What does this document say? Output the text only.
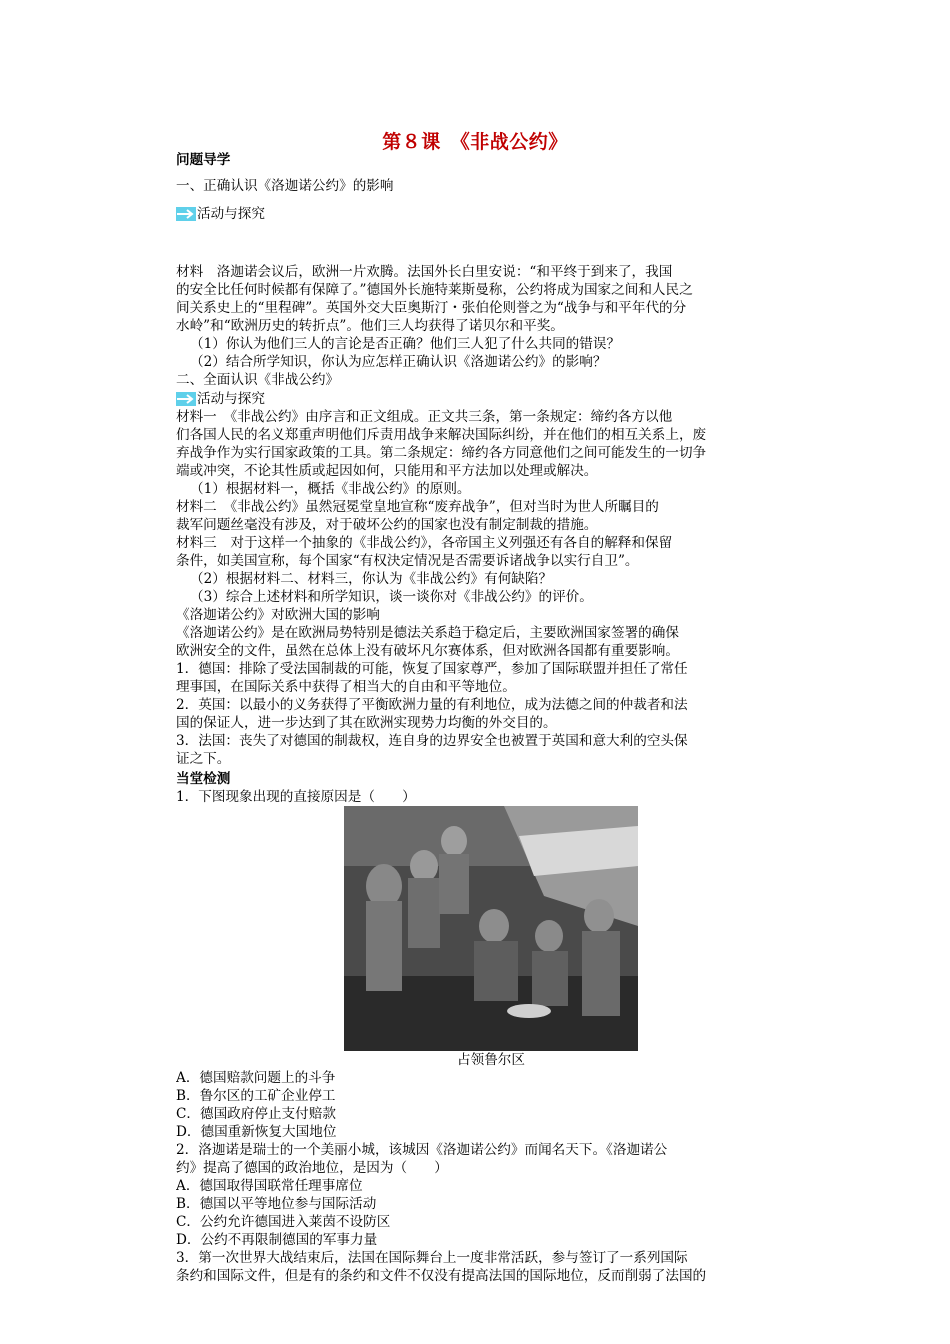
第８课　《非战公约》
问题导学
一、正确认识《洛迦诺公约》的影响
活动与探究
材料　洛迦诺会议后，欧洲一片欢腾。法国外长白里安说：“和平终于到来了，我国
的安全比任何时候都有保障了。”德国外长施特莱斯曼称，公约将成为国家之间和人民之
间关系史上的“里程碑”。英国外交大臣奥斯汀・张伯伦则誉之为“战争与和平年代的分
水岭”和“欧洲历史的转折点”。他们三人均获得了诺贝尔和平奖。
（1）你认为他们三人的言论是否正确？他们三人犯了什么共同的错误？
（2）结合所学知识，你认为应怎样正确认识《洛迦诺公约》的影响？
二、全面认识《非战公约》
活动与探究
材料一　《非战公约》由序言和正文组成。正文共三条，第一条规定：缔约各方以他
们各国人民的名义郑重声明他们斥责用战争来解决国际纠纷，并在他们的相互关系上，废
弃战争作为实行国家政策的工具。第二条规定：缔约各方同意他们之间可能发生的一切争
端或冲突，不论其性质或起因如何，只能用和平方法加以处理或解决。
（1）根据材料一，概括《非战公约》的原则。
材料二　《非战公约》虽然冠冕堂皇地宣称“废弃战争”，但对当时为世人所瞩目的
裁军问题丝毫没有涉及，对于破坏公约的国家也没有制定制裁的措施。
材料三　对于这样一个抽象的《非战公约》，各帝国主义列强还有各自的解释和保留
条件，如美国宣称，每个国家“有权決定情况是否需要诉诸战争以实行自卫”。
（2）根据材料二、材料三，你认为《非战公约》有何缺陷？
（3）综合上述材料和所学知识，谈一谈你对《非战公约》的评价。
《洛迦诺公约》对欧洲大国的影响
《洛迦诺公约》是在欧洲局势特别是德法关系趋于稳定后，主要欧洲国家签署的确保
欧洲安全的文件，虽然在总体上没有破坏凡尔赛体系，但对欧洲各国都有重要影响。
1．德国：排除了受法国制裁的可能，恢复了国家尊严，参加了国际联盟并担任了常任
理事国，在国际关系中获得了相当大的自由和平等地位。
2．英国：以最小的义务获得了平衡欧洲力量的有利地位，成为法德之间的仲裁者和法
国的保证人，进一步达到了其在欧洲实现势力均衡的外交目的。
3．法国：丧失了对德国的制裁权，连自身的边界安全也被置于英国和意大利的空头保
证之下。
当堂检测
1．下图现象出现的直接原因是（　　）
占领鲁尔区
A．德国赔款问题上的斗争
B．鲁尔区的工矿企业停工
C．德国政府停止支付赔款
D．德国重新恢复大国地位
2．洛迦诺是瑞士的一个美丽小城，该城因《洛迦诺公约》而闻名天下。《洛迦诺公
约》提高了德国的政治地位，是因为（　　）
A．德国取得国联常任理事席位
B．德国以平等地位参与国际活动
C．公约允许德国进入莱茵不设防区
D．公约不再限制德国的军事力量
3．第一次世界大战结束后，法国在国际舞台上一度非常活跃，参与签订了一系列国际
条约和国际文件，但是有的条约和文件不仅没有提高法国的国际地位，反而削弱了法国的
